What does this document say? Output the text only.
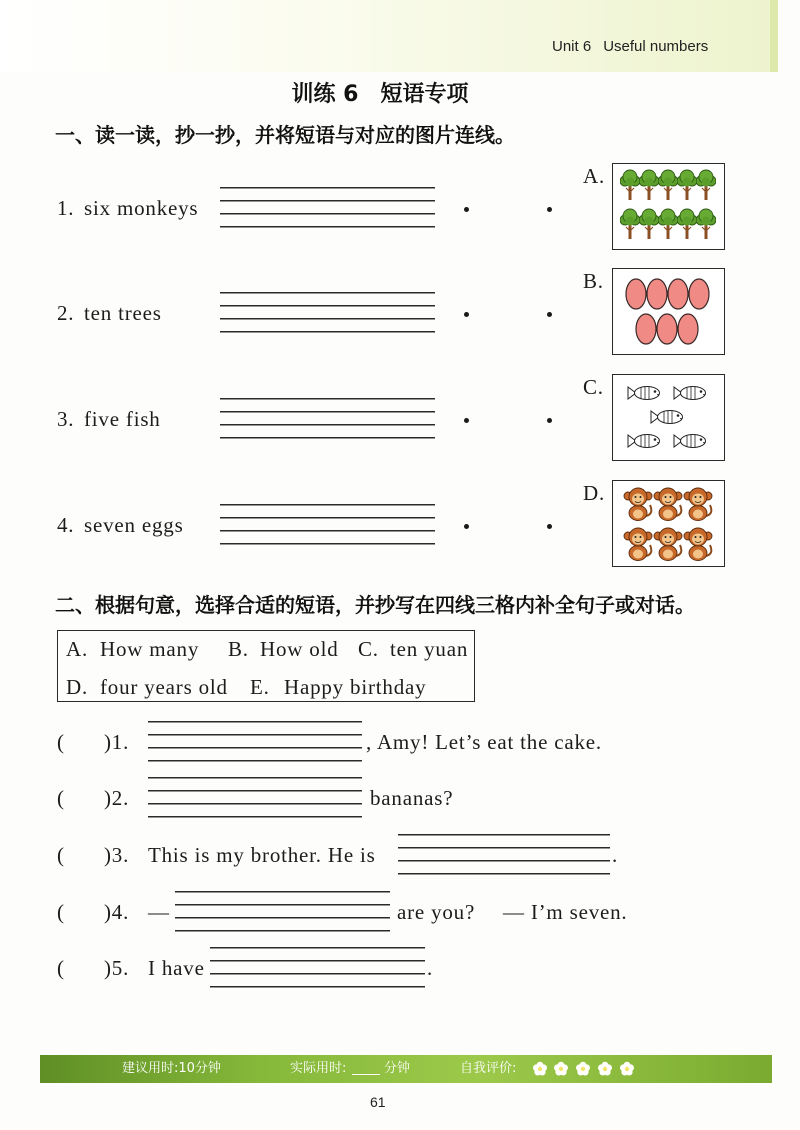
Unit 6 Useful numbers
训练 6 短语专项
一、读一读，抄一抄，并将短语与对应的图片连线。
1. six monkeys
A.
2. ten trees
B.
3. five fish
C.
4. seven eggs
D.
二、根据句意，选择合适的短语，并抄写在四线三格内补全句子或对话。
A. How many B. How old C. ten yuan
D. four years old E. Happy birthday
( )1.	, Amy! Let’s eat the cake.
( )2.	bananas?
( )3. This is my brother. He is	.
( )4. —	are you? — I’m seven.
( )5. I have	.
建议用时:10分钟	实际用时:	分钟	自我评价:
61
